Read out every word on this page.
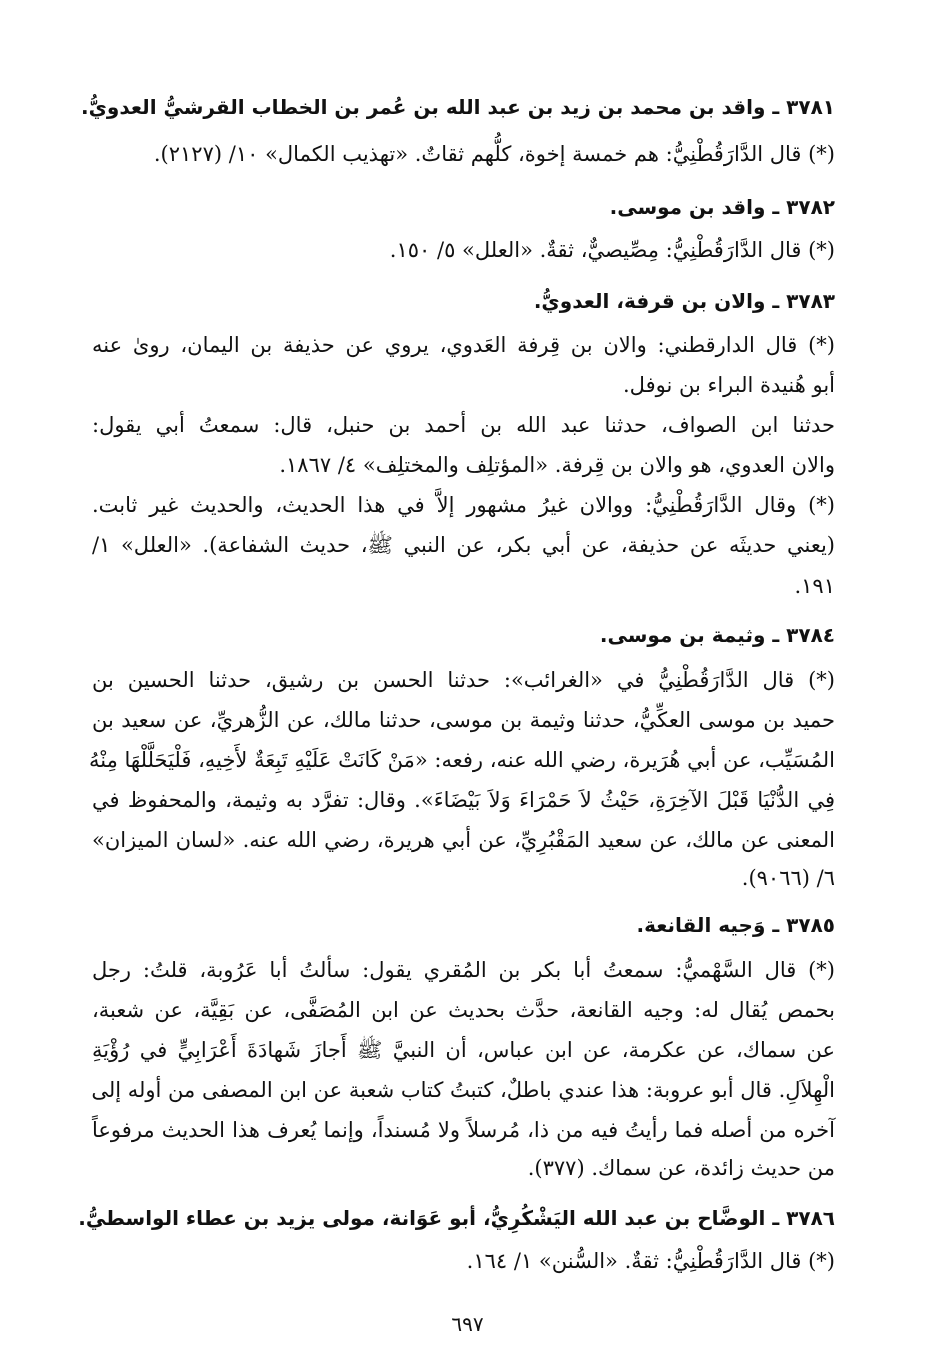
٣٧٨١ ـ واقد بن محمد بن زيد بن عبد الله بن عُمر بن الخطاب القرشيُّ العدويُّ.
(*) قال الدَّارَقُطْنِيُّ: هم خمسة إخوة، كلُّهم ثقاتٌ. «تهذيب الكمال» ١٠/ (٢١٢٧).
٣٧٨٢ ـ واقد بن موسى.
(*) قال الدَّارَقُطْنِيُّ: مِصِّيصيٌّ، ثقةٌ. «العلل» ٥/ ١٥٠.
٣٧٨٣ ـ والان بن قرفة، العدويُّ.
(*) قال الدارقطني: والان بن قِرفة العَدوي، يروي عن حذيفة بن اليمان، روىٰ عنه
أبو هُنيدة البراء بن نوفل.
حدثنا ابن الصواف، حدثنا عبد الله بن أحمد بن حنبل، قال: سمعتُ أبي يقول:
والان العدوي، هو والان بن قِرفة. «المؤتلِف والمختلِف» ٤/ ١٨٦٧.
(*) وقال الدَّارَقُطْنِيُّ: ووالان غيرُ مشهور إلاَّ في هذا الحديث، والحديث غير ثابت.
(يعني حديثَه عن حذيفة، عن أبي بكر، عن النبي ﷺ، حديث الشفاعة). «العلل» ١/
١٩١.
٣٧٨٤ ـ وثيمة بن موسى.
(*) قال الدَّارَقُطْنِيُّ في «الغرائب»: حدثنا الحسن بن رشيق، حدثنا الحسين بن
حميد بن موسى العكِّيُّ، حدثنا وثيمة بن موسى، حدثنا مالك، عن الزُّهريِّ، عن سعيد بن
المُسَيِّب، عن أبي هُرَيرة، رضي الله عنه، رفعه: «مَنْ كَانَتْ عَلَيْهِ تَبِعَةٌ لأَخِيهِ، فَلْيَحَلَّلْهَا مِنْهُ
فِي الدُّنْيَا قَبْلَ الآخِرَةِ، حَيْثُ لاَ حَمْرَاءَ وَلاَ بَيْضَاءَ». وقال: تفرَّد به وثيمة، والمحفوظ في
المعنى عن مالك، عن سعيد المَقْبُرِيِّ، عن أبي هريرة، رضي الله عنه. «لسان الميزان»
٦/ (٩٠٦٦).
٣٧٨٥ ـ وَجيه القانعة.
(*) قال السَّهْميُّ: سمعتُ أبا بكر بن المُقري يقول: سألتُ أبا عَرُوبة، قلتُ: رجل
بحمص يُقال له: وجيه القانعة، حدَّث بحديث عن ابن المُصَفَّى، عن بَقِيَّة، عن شعبة،
عن سماك، عن عكرمة، عن ابن عباس، أن النبيَّ ﷺ أَجازَ شَهادَةَ أَعْرَابِيٍّ في رُؤْيَةِ
الْهِلاَلِ. قال أبو عروبة: هذا عندي باطلٌ، كتبتُ كتاب شعبة عن ابن المصفى من أوله إلى
آخره من أصله فما رأيتُ فيه من ذا، مُرسلاً ولا مُسنداً، وإنما يُعرف هذا الحديث مرفوعاً
من حديث زائدة، عن سماك. (٣٧٧).
٣٧٨٦ ـ الوضَّاح بن عبد الله اليَشْكُرِيُّ، أبو عَوَانة، مولى يزيد بن عطاء الواسطيُّ.
(*) قال الدَّارَقُطْنِيُّ: ثقةٌ. «السُّنن» ١/ ١٦٤.
٦٩٧
